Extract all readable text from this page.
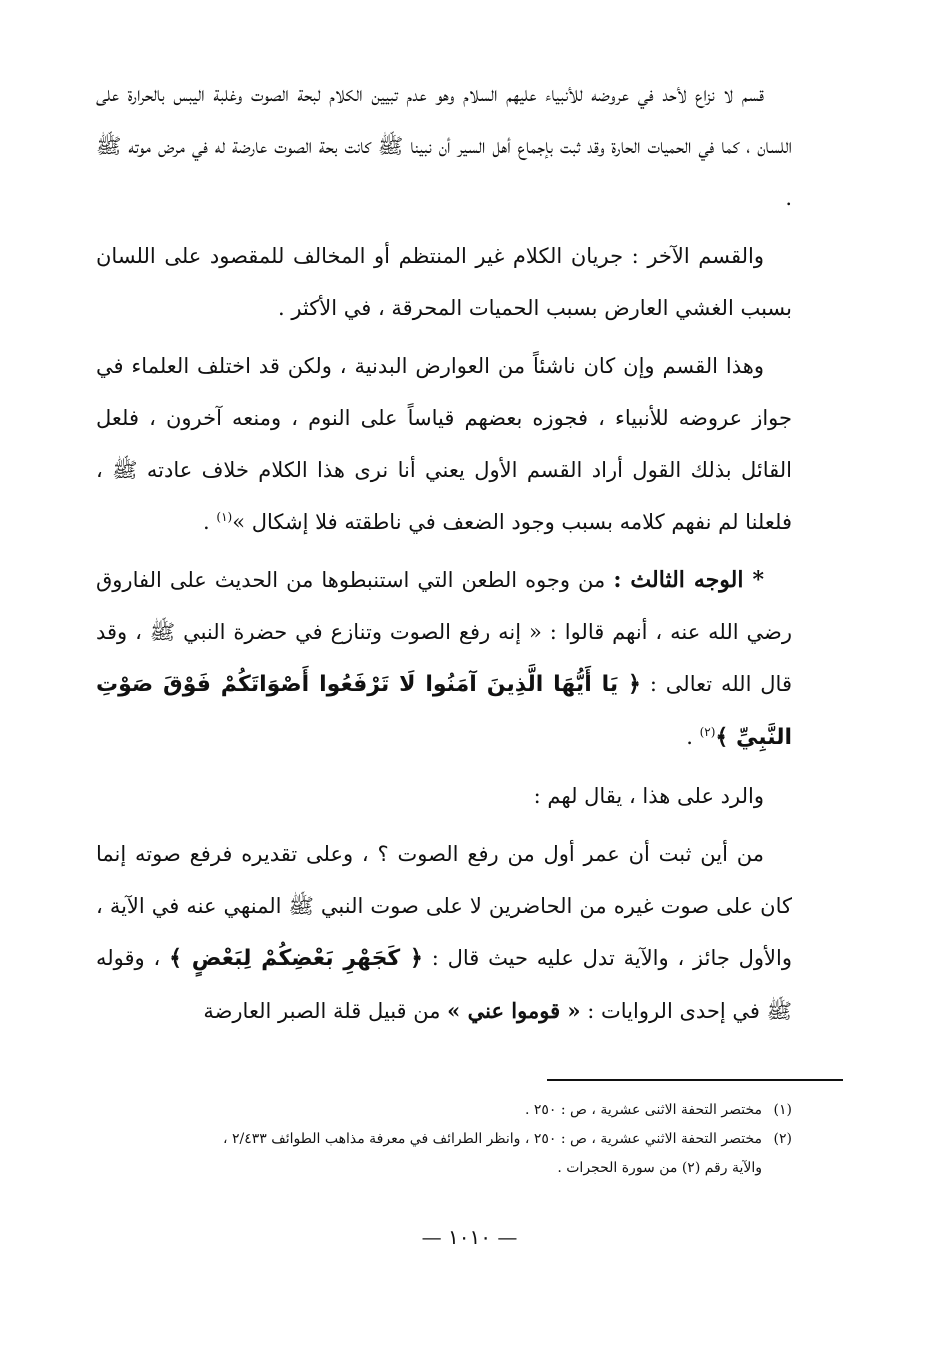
قسم لا نزاع لأحد في عروضه للأنبياء عليهم السلام وهو عدم تبيين الكلام لبحة الصوت وغلبة اليبس بالحرارة على اللسان ، كما في الحميات الحارة وقد ثبت بإجماع أهل السير أن نبينا ﷺ كانت بحة الصوت عارضة له في مرض موته ﷺ .

والقسم الآخر : جريان الكلام غير المنتظم أو المخالف للمقصود على اللسان بسبب الغشي العارض بسبب الحميات المحرقة ، في الأكثر .

وهذا القسم وإن كان ناشئاً من العوارض البدنية ، ولكن قد اختلف العلماء في جواز عروضه للأنبياء ، فجوزه بعضهم قياساً على النوم ، ومنعه آخرون ، فلعل القائل بذلك القول أراد القسم الأول يعني أنا نرى هذا الكلام خلاف عادته ﷺ ، فلعلنا لم نفهم كلامه بسبب وجود الضعف في ناطقته فلا إشكال »$^{(١)}$ .

* الوجه الثالث : من وجوه الطعن التي استنبطوها من الحديث على الفاروق رضي الله عنه ، أنهم قالوا : « إنه رفع الصوت وتنازع في حضرة النبي ﷺ ، وقد قال الله تعالى : ﴿ يَا أَيُّهَا الَّذِينَ آمَنُوا لَا تَرْفَعُوا أَصْوَاتَكُمْ فَوْقَ صَوْتِ النَّبِيِّ ﴾$^{(٢)}$ .

والرد على هذا ، يقال لهم :

من أين ثبت أن عمر أول من رفع الصوت ؟ ، وعلى تقديره فرفع صوته إنما كان على صوت غيره من الحاضرين لا على صوت النبي ﷺ المنهي عنه في الآية ، والأول جائز ، والآية تدل عليه حيث قال : ﴿ كَجَهْرِ بَعْضِكُمْ لِبَعْضٍ ﴾ ، وقوله ﷺ في إحدى الروايات : « قوموا عني » من قبيل قلة الصبر العارضة

(١)مختصر التحفة الاثنى عشرية ، ص : ٢٥٠ .

(٢)مختصر التحفة الاثني عشرية ، ص : ٢٥٠ ، وانظر الطرائف في معرفة مذاهب الطوائف ٢/٤٣٣ ،
والآية رقم (٢) من سورة الحجرات .

— ١٠١٠ —
